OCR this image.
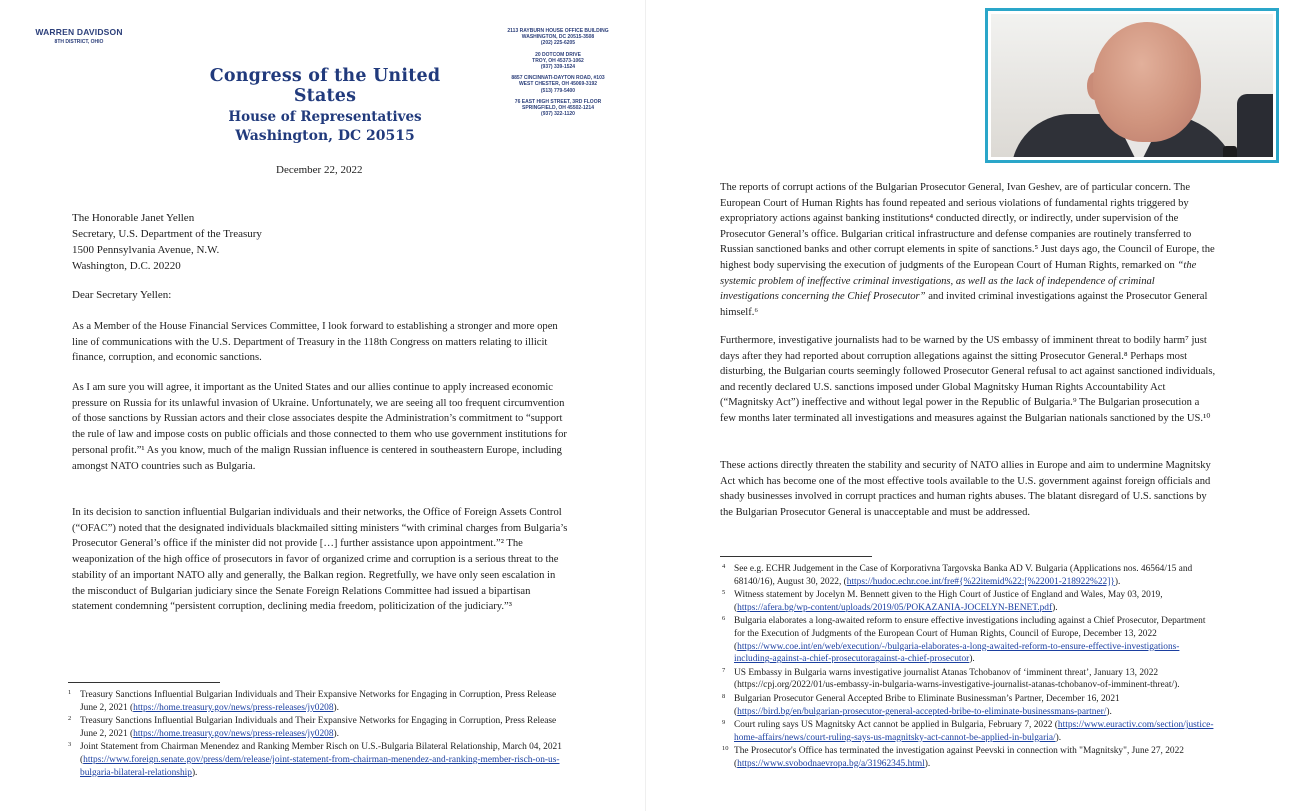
WARREN DAVIDSON
8TH DISTRICT, OHIO
Congress of the United States
House of Representatives
Washington, DC 20515
2113 RAYBURN HOUSE OFFICE BUILDING
WASHINGTON, DC 20515-3508
(202) 225-6205
20 DOTCOM DRIVE
TROY, OH 45373-1062
(937) 339-1524
8857 CINCINNATI-DAYTON ROAD, #103
WEST CHESTER, OH 45069-3192
(513) 779-5400
76 EAST HIGH STREET, 3RD FLOOR
SPRINGFIELD, OH 45502-1214
(937) 322-1120
December 22, 2022
The Honorable Janet Yellen
Secretary, U.S. Department of the Treasury
1500 Pennsylvania Avenue, N.W.
Washington, D.C. 20220
Dear Secretary Yellen:

As a Member of the House Financial Services Committee, I look forward to establishing a stronger and more open line of communications with the U.S. Department of Treasury in the 118th Congress on matters relating to illicit finance, corruption, and economic sanctions.

As I am sure you will agree, it important as the United States and our allies continue to apply increased economic pressure on Russia for its unlawful invasion of Ukraine. Unfortunately, we are seeing all too frequent circumvention of those sanctions by Russian actors and their close associates despite the Administration’s commitment to “support the rule of law and impose costs on public officials and those connected to them who use government institutions for personal profit.”¹ As you know, much of the malign Russian influence is centered in southeastern Europe, including amongst NATO countries such as Bulgaria.

In its decision to sanction influential Bulgarian individuals and their networks, the Office of Foreign Assets Control (“OFAC”) noted that the designated individuals blackmailed sitting ministers “with criminal charges from Bulgaria’s Prosecutor General’s office if the minister did not provide […] further assistance upon appointment.”² The weaponization of the high office of prosecutors in favor of organized crime and corruption is a serious threat to the stability of an important NATO ally and generally, the Balkan region. Regretfully, we have only seen escalation in the misconduct of Bulgarian judiciary since the Senate Foreign Relations Committee had issued a bipartisan statement condemning “persistent corruption, declining media freedom, politicization of the judiciary.”³

1 Treasury Sanctions Influential Bulgarian Individuals and Their Expansive Networks for Engaging in Corruption, Press Release June 2, 2021 (https://home.treasury.gov/news/press-releases/jy0208).
2 Treasury Sanctions Influential Bulgarian Individuals and Their Expansive Networks for Engaging in Corruption, Press Release June 2, 2021 (https://home.treasury.gov/news/press-releases/jy0208).
3 Joint Statement from Chairman Menendez and Ranking Member Risch on U.S.-Bulgaria Bilateral Relationship, March 04, 2021 (https://www.foreign.senate.gov/press/dem/release/joint-statement-from-chairman-menendez-and-ranking-member-risch-on-us-bulgaria-bilateral-relationship).

The reports of corrupt actions of the Bulgarian Prosecutor General, Ivan Geshev, are of particular concern. The European Court of Human Rights has found repeated and serious violations of fundamental rights triggered by expropriatory actions against banking institutions⁴ conducted directly, or indirectly, under supervision of the Prosecutor General’s office. Bulgarian critical infrastructure and defense companies are routinely transferred to Russian sanctioned banks and other corrupt elements in spite of sanctions.⁵ Just days ago, the Council of Europe, the highest body supervising the execution of judgments of the European Court of Human Rights, remarked on “the systemic problem of ineffective criminal investigations, as well as the lack of independence of criminal investigations concerning the Chief Prosecutor” and invited criminal investigations against the Prosecutor General himself.⁶

Furthermore, investigative journalists had to be warned by the US embassy of imminent threat to bodily harm⁷ just days after they had reported about corruption allegations against the sitting Prosecutor General.⁸ Perhaps most disturbing, the Bulgarian courts seemingly followed Prosecutor General refusal to act against sanctioned individuals, and recently declared U.S. sanctions imposed under Global Magnitsky Human Rights Accountability Act (“Magnitsky Act”) ineffective and without legal power in the Republic of Bulgaria.⁹ The Bulgarian prosecution a few months later terminated all investigations and measures against the Bulgarian nationals sanctioned by the US.¹⁰

These actions directly threaten the stability and security of NATO allies in Europe and aim to undermine Magnitsky Act which has become one of the most effective tools available to the U.S. government against foreign officials and shady businesses involved in corrupt practices and human rights abuses. The blatant disregard of U.S. sanctions by the Bulgarian Prosecutor General is unacceptable and must be addressed.

4 See e.g. ECHR Judgement in the Case of Korporativna Targovska Banka AD V. Bulgaria (Applications nos. 46564/15 and 68140/16), August 30, 2022, (https://hudoc.echr.coe.int/fre#{%22itemid%22:[%22001-218922%22]}).
5 Witness statement by Jocelyn M. Bennett given to the High Court of Justice of England and Wales, May 03, 2019, (https://afera.bg/wp-content/uploads/2019/05/POKAZANIA-JOCELYN-BENET.pdf).
6 Bulgaria elaborates a long-awaited reform to ensure effective investigations including against a Chief Prosecutor, Department for the Execution of Judgments of the European Court of Human Rights, Council of Europe, December 13, 2022 (https://www.coe.int/en/web/execution/-/bulgaria-elaborates-a-long-awaited-reform-to-ensure-effective-investigations-including-against-a-chief-prosecutoragainst-a-chief-prosecutor).
7 US Embassy in Bulgaria warns investigative journalist Atanas Tchobanov of ‘imminent threat’, January 13, 2022 (https://cpj.org/2022/01/us-embassy-in-bulgaria-warns-investigative-journalist-atanas-tchobanov-of-imminent-threat/).
8 Bulgarian Prosecutor General Accepted Bribe to Eliminate Businessman’s Partner, December 16, 2021 (https://bird.bg/en/bulgarian-prosecutor-general-accepted-bribe-to-eliminate-businessmans-partner/).
9 Court ruling says US Magnitsky Act cannot be applied in Bulgaria, February 7, 2022 (https://www.euractiv.com/section/justice-home-affairs/news/court-ruling-says-us-magnitsky-act-cannot-be-applied-in-bulgaria/).
10 The Prosecutor's Office has terminated the investigation against Peevski in connection with "Magnitsky", June 27, 2022 (https://www.svobodnaevropa.bg/a/31962345.html).
